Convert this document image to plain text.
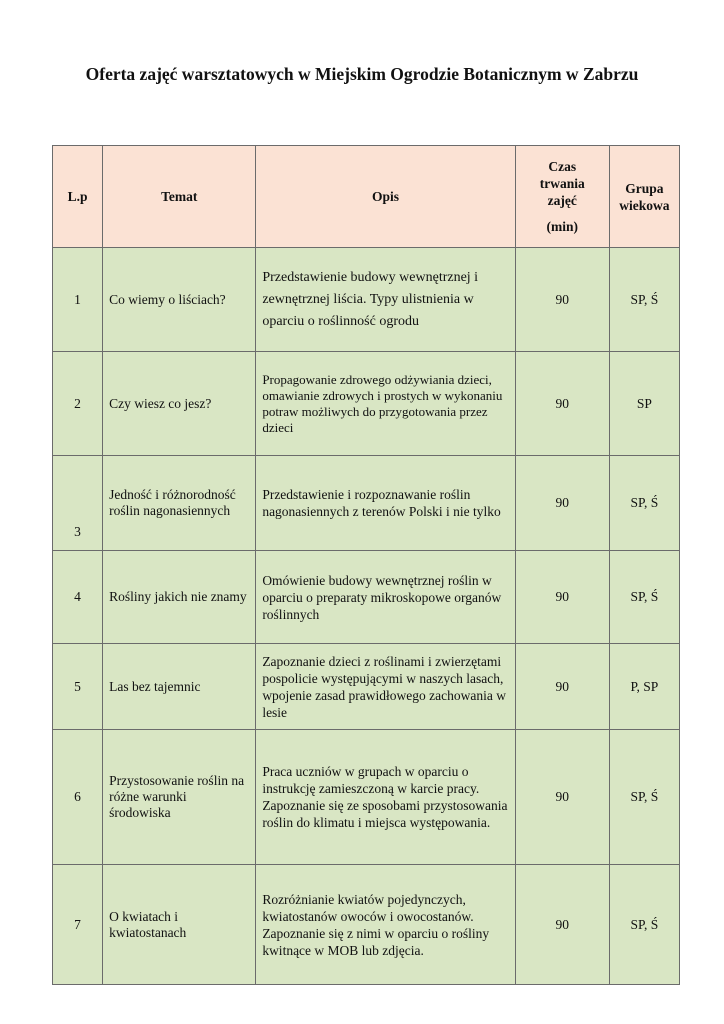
Oferta zajęć warsztatowych w Miejskim Ogrodzie Botanicznym w Zabrzu
L.p	Temat	Opis	Czas
trwania
zajęć
(min)	Grupa
wiekowa

1	Co wiemy o liściach?	Przedstawienie budowy wewnętrznej i zewnętrznej liścia. Typy ulistnienia w oparciu o roślinność ogrodu	90	SP, Ś
2	Czy wiesz co jesz?	Propagowanie zdrowego odżywiania dzieci, omawianie zdrowych i prostych w wykonaniu potraw możliwych do przygotowania przez dzieci	90	SP
3	Jedność i różnorodność roślin nagonasiennych	Przedstawienie i rozpoznawanie roślin nagonasiennych z terenów Polski i nie tylko	90	SP, Ś
4	Rośliny jakich nie znamy	Omówienie budowy wewnętrznej roślin w oparciu o preparaty mikroskopowe organów roślinnych	90	SP, Ś
5	Las bez tajemnic	Zapoznanie dzieci z roślinami i zwierzętami pospolicie występującymi w naszych lasach, wpojenie zasad prawidłowego zachowania w lesie	90	P, SP
6	Przystosowanie roślin na różne warunki środowiska	Praca uczniów w grupach w oparciu o instrukcję zamieszczoną w karcie pracy. Zapoznanie się ze sposobami przystosowania roślin do klimatu i miejsca występowania.	90	SP, Ś
7	O kwiatach i kwiatostanach	Rozróżnianie kwiatów pojedynczych, kwiatostanów owoców i owocostanów. Zapoznanie się z nimi w oparciu o rośliny kwitnące w MOB lub zdjęcia.	90	SP, Ś
